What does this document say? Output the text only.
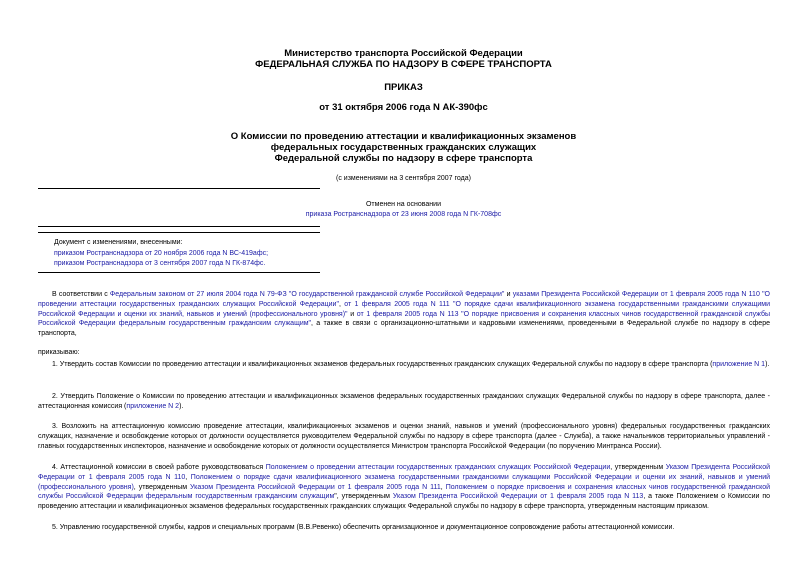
Министерство транспорта Российской Федерации
ФЕДЕРАЛЬНАЯ СЛУЖБА ПО НАДЗОРУ В СФЕРЕ ТРАНСПОРТА
ПРИКАЗ
от 31 октября 2006 года N АК-390фс
О Комиссии по проведению аттестации и квалификационных экзаменов
федеральных государственных гражданских служащих
Федеральной службы по надзору в сфере транспорта
(с изменениями на 3 сентября 2007 года)
Отменен на основании
приказа Ространснадзора от 23 июня 2008 года N ГК-708фс
Документ с изменениями, внесенными:
приказом Ространснадзора от 20 ноября 2006 года N ВС-419афс;
приказом Ространснадзора от 3 сентября 2007 года N ГК-874фс.
В соответствии с Федеральным законом от 27 июля 2004 года N 79-ФЗ "О государственной гражданской службе Российской Федерации" и указами Президента Российской Федерации от 1 февраля 2005 года N 110 "О проведении аттестации государственных гражданских служащих Российской Федерации", от 1 февраля 2005 года N 111 "О порядке сдачи квалификационного экзамена государственными гражданскими служащими Российской Федерации и оценки их знаний, навыков и умений (профессионального уровня)" и от 1 февраля 2005 года N 113 "О порядке присвоения и сохранения классных чинов государственной гражданской службы Российской Федерации федеральным государственным гражданским служащим", а также в связи с организационно-штатными и кадровыми изменениями, проведенными в Федеральной службе по надзору в сфере транспорта,
приказываю:
1. Утвердить состав Комиссии по проведению аттестации и квалификационных экзаменов федеральных государственных гражданских служащих Федеральной службы по надзору в сфере транспорта (приложение N 1).
2. Утвердить Положение о Комиссии по проведению аттестации и квалификационных экзаменов федеральных государственных гражданских служащих Федеральной службы по надзору в сфере транспорта, далее - аттестационная комиссия (приложение N 2).
3. Возложить на аттестационную комиссию проведение аттестации, квалификационных экзаменов и оценки знаний, навыков и умений (профессионального уровня) федеральных государственных гражданских служащих, назначение и освобождение которых от должности осуществляется руководителем Федеральной службы по надзору в сфере транспорта (далее - Служба), а также начальников территориальных управлений - главных государственных инспекторов, назначение и освобождение которых от должности осуществляется Министром транспорта Российской Федерации (по поручению Минтранса России).
4. Аттестационной комиссии в своей работе руководствоваться Положением о проведении аттестации государственных гражданских служащих Российской Федерации, утвержденным Указом Президента Российской Федерации от 1 февраля 2005 года N 110, Положением о порядке сдачи квалификационного экзамена государственными гражданскими служащими Российской Федерации и оценки их знаний, навыков и умений (профессионального уровня), утвержденным Указом Президента Российской Федерации от 1 февраля 2005 года N 111, Положением о порядке присвоения и сохранения классных чинов государственной гражданской службы Российской Федерации федеральным государственным гражданским служащим", утвержденным Указом Президента Российской Федерации от 1 февраля 2005 года N 113, а также Положением о Комиссии по проведению аттестации и квалификационных экзаменов федеральных государственных гражданских служащих Федеральной службы по надзору в сфере транспорта, утвержденным настоящим приказом.
5. Управлению государственной службы, кадров и специальных программ (В.В.Ревенко) обеспечить организационное и документационное сопровождение работы аттестационной комиссии.
